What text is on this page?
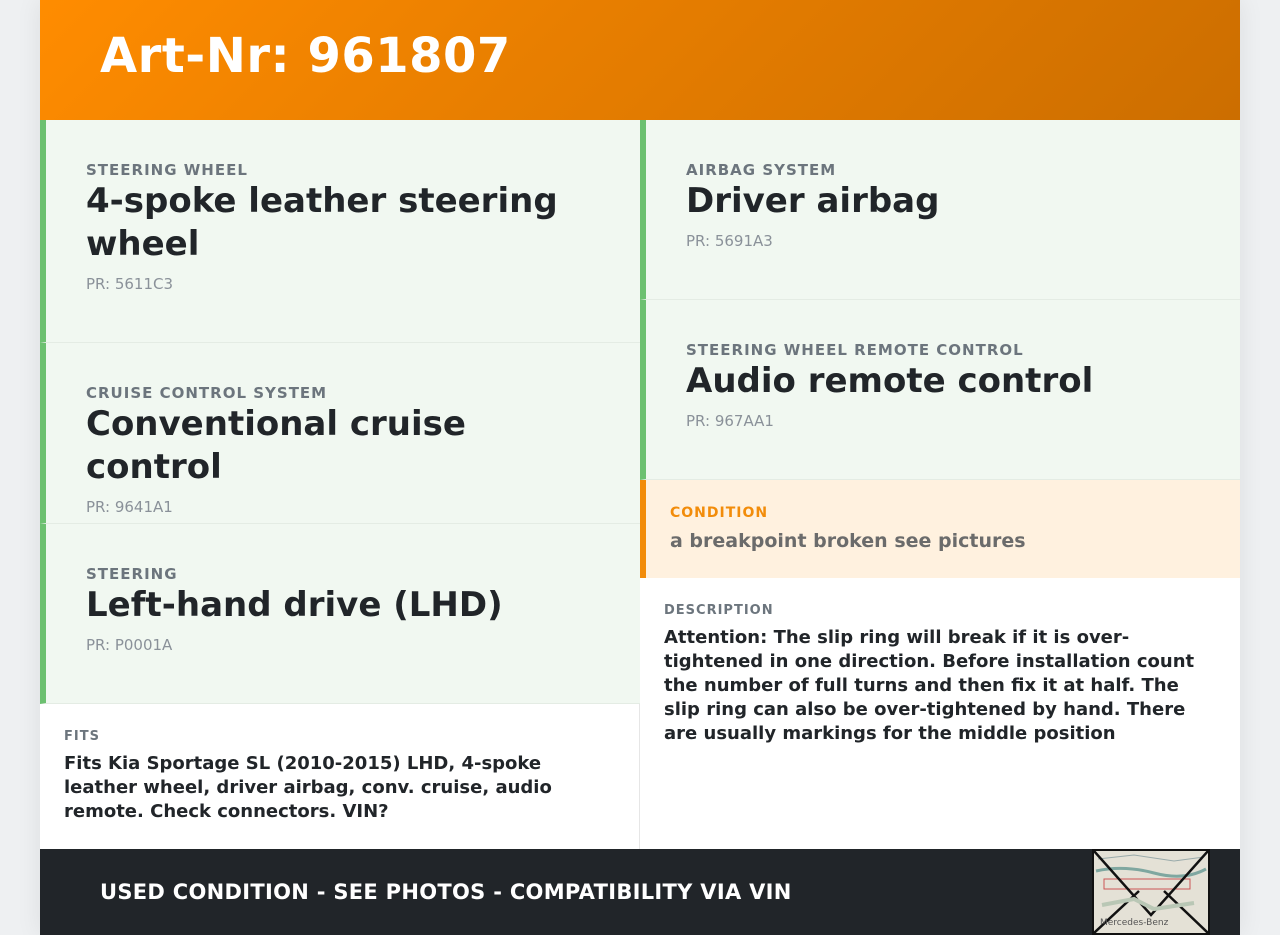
Art-Nr: 961807
STEERING WHEEL
4-spoke leather steering wheel
PR: 5611C3
CRUISE CONTROL SYSTEM
Conventional cruise control
PR: 9641A1
STEERING
Left-hand drive (LHD)
PR: P0001A
FITS
Fits Kia Sportage SL (2010-2015) LHD, 4-spoke leather wheel, driver airbag, conv. cruise, audio remote. Check connectors. VIN?
AIRBAG SYSTEM
Driver airbag
PR: 5691A3
STEERING WHEEL REMOTE CONTROL
Audio remote control
PR: 967AA1
CONDITION
a breakpoint broken see pictures
DESCRIPTION
Attention: The slip ring will break if it is over-tightened in one direction. Before installation count the number of full turns and then fix it at half. The slip ring can also be over-tightened by hand. There are usually markings for the middle position
USED CONDITION - SEE PHOTOS - COMPATIBILITY VIA VIN
Mercedes-Benz
